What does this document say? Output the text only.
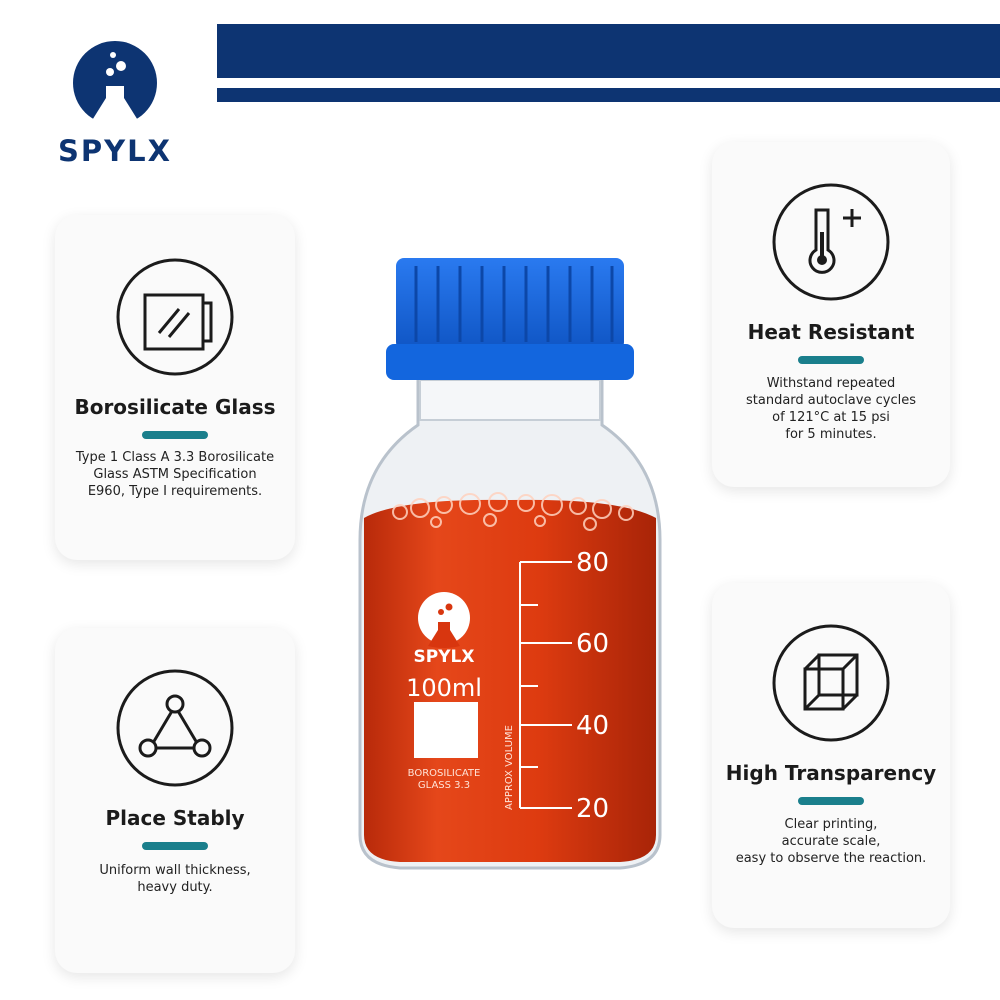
SPYLX
Borosilicate Glass
Type 1 Class A 3.3 Borosilicate
Glass ASTM Specification
E960, Type I requirements.
Place Stably
Uniform wall thickness,
heavy duty.
Heat Resistant
Withstand repeated
standard autoclave cycles
of 121°C at 15 psi
for 5 minutes.
High Transparency
Clear printing,
accurate scale,
easy to observe the reaction.
SPYLX
100ml
BOROSILICATE
GLASS 3.3
80
60
40
20
APPROX VOLUME
